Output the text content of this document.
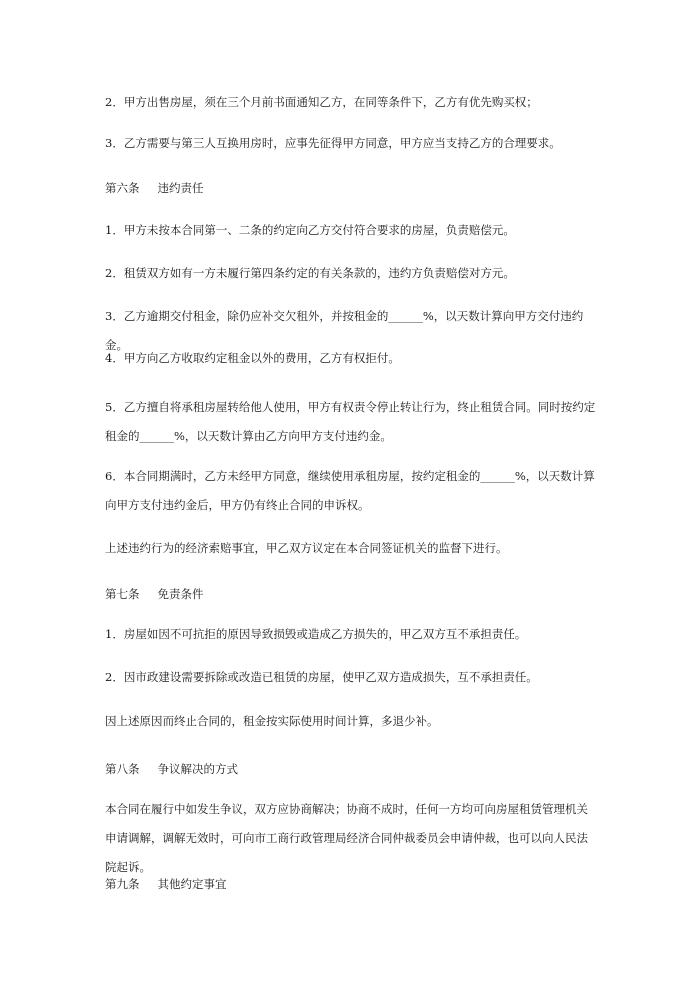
2．甲方出售房屋，须在三个月前书面通知乙方，在同等条件下，乙方有优先购买权；

3．乙方需要与第三人互换用房时，应事先征得甲方同意，甲方应当支持乙方的合理要求。

第六条 违约责任

1．甲方未按本合同第一、二条的约定向乙方交付符合要求的房屋，负责赔偿元。

2．租赁双方如有一方未履行第四条约定的有关条款的，违约方负责赔偿对方元。

3．乙方逾期交付租金，除仍应补交欠租外，并按租金的______%，以天数计算向甲方交付违约金。

4．甲方向乙方收取约定租金以外的费用，乙方有权拒付。

5．乙方擅自将承租房屋转给他人使用，甲方有权责令停止转让行为，终止租赁合同。同时按约定租金的______%，以天数计算由乙方向甲方支付违约金。

6．本合同期满时，乙方未经甲方同意，继续使用承租房屋，按约定租金的______%，以天数计算向甲方支付违约金后，甲方仍有终止合同的申诉权。

上述违约行为的经济索赔事宜，甲乙双方议定在本合同签证机关的监督下进行。

第七条 免责条件

1．房屋如因不可抗拒的原因导致损毁或造成乙方损失的，甲乙双方互不承担责任。

2．因市政建设需要拆除或改造已租赁的房屋，使甲乙双方造成损失，互不承担责任。

因上述原因而终止合同的，租金按实际使用时间计算，多退少补。

第八条 争议解决的方式

本合同在履行中如发生争议，双方应协商解决；协商不成时，任何一方均可向房屋租赁管理机关申请调解，调解无效时，可向市工商行政管理局经济合同仲裁委员会申请仲裁，也可以向人民法院起诉。

第九条 其他约定事宜
